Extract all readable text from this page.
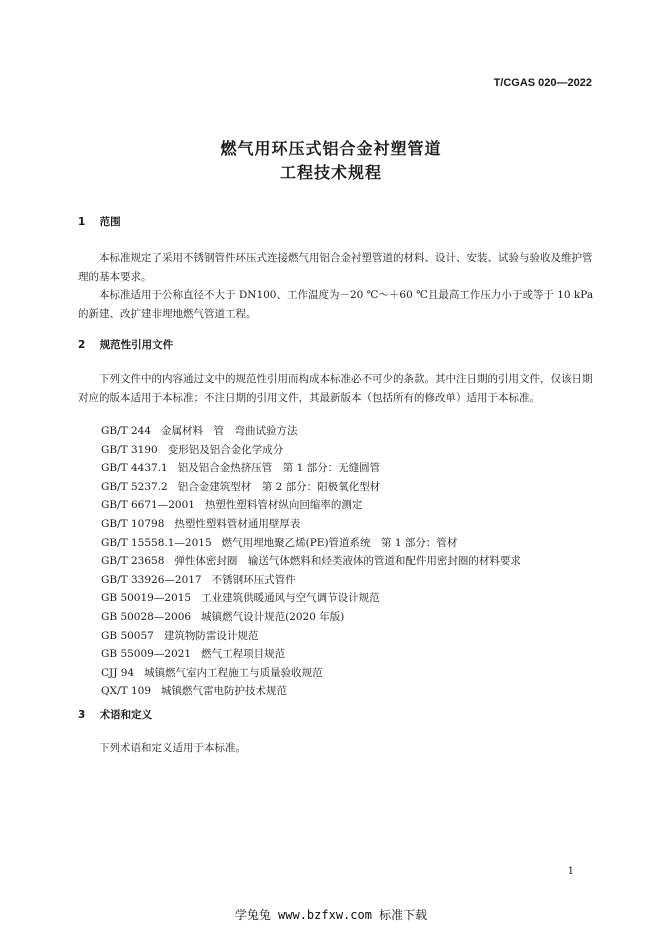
T/CGAS 020—2022
燃气用环压式铝合金衬塑管道
工程技术规程
1 范围

本标准规定了采用不锈钢管件环压式连接燃气用铝合金衬塑管道的材料、设计、安装、试验与验收及维护管理的基本要求。

本标准适用于公称直径不大于 DN100、工作温度为－20 ℃～＋60 ℃且最高工作压力小于或等于 10 kPa 的新建、改扩建非埋地燃气管道工程。

2 规范性引用文件

下列文件中的内容通过文中的规范性引用而构成本标准必不可少的条款。其中注日期的引用文件，仅该日期对应的版本适用于本标准；不注日期的引用文件，其最新版本（包括所有的修改单）适用于本标准。

GB/T 244 金属材料　管　弯曲试验方法
GB/T 3190 变形铝及铝合金化学成分
GB/T 4437.1 铝及铝合金热挤压管　第 1 部分：无缝圆管
GB/T 5237.2 铝合金建筑型材　第 2 部分：阳极氧化型材
GB/T 6671—2001 热塑性塑料管材纵向回缩率的测定
GB/T 10798 热塑性塑料管材通用壁厚表
GB/T 15558.1—2015 燃气用埋地聚乙烯(PE)管道系统　第 1 部分：管材
GB/T 23658 弹性体密封圈　输送气体燃料和烃类液体的管道和配件用密封圈的材料要求
GB/T 33926—2017 不锈钢环压式管件
GB 50019—2015 工业建筑供暖通风与空气调节设计规范
GB 50028—2006 城镇燃气设计规范(2020 年版)
GB 50057 建筑物防雷设计规范
GB 55009—2021 燃气工程项目规范
CJJ 94 城镇燃气室内工程施工与质量验收规范
QX/T 109 城镇燃气雷电防护技术规范
3 术语和定义

下列术语和定义适用于本标准。

1
学兔兔 www.bzfxw.com 标准下载
